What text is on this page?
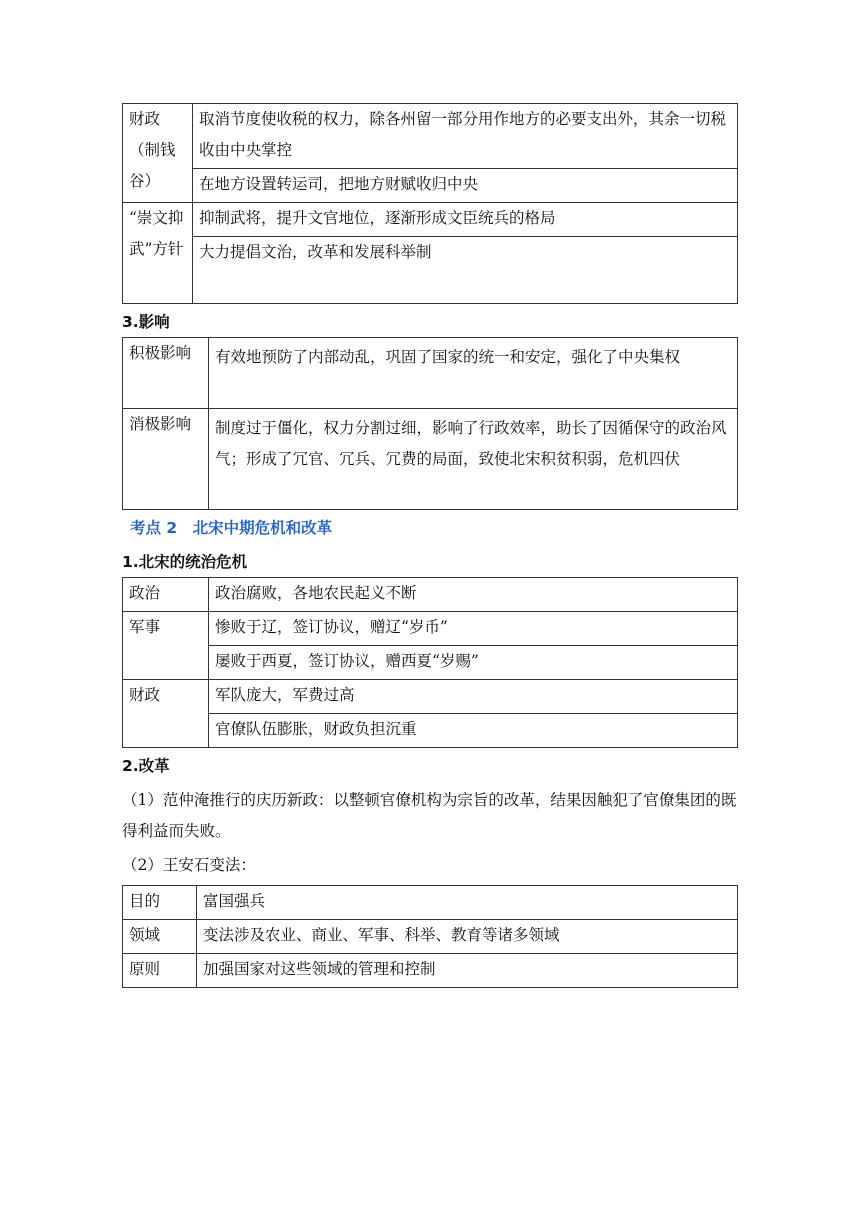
财政（制钱谷）	取消节度使收税的权力，除各州留一部分用作地方的必要支出外，其余一切税收由中央掌控
	在地方设置转运司，把地方财赋收归中央
“崇文抑武”方针	抑制武将，提升文官地位，逐渐形成文臣统兵的格局
	大力提倡文治，改革和发展科举制
3.影响
积极影响	有效地预防了内部动乱，巩固了国家的统一和安定，强化了中央集权
消极影响	制度过于僵化，权力分割过细，影响了行政效率，助长了因循保守的政治风气；形成了冗官、冗兵、冗费的局面，致使北宋积贫积弱，危机四伏
考点 2　北宋中期危机和改革
1.北宋的统治危机
政治	政治腐败，各地农民起义不断
军事	惨败于辽，签订协议，赠辽“岁币”
	屡败于西夏，签订协议，赠西夏“岁赐”
财政	军队庞大，军费过高
	官僚队伍膨胀，财政负担沉重
2.改革
（1）范仲淹推行的庆历新政：以整顿官僚机构为宗旨的改革，结果因触犯了官僚集团的既得利益而失败。
（2）王安石变法：
目的	富国强兵
领域	变法涉及农业、商业、军事、科举、教育等诸多领域
原则	加强国家对这些领域的管理和控制
